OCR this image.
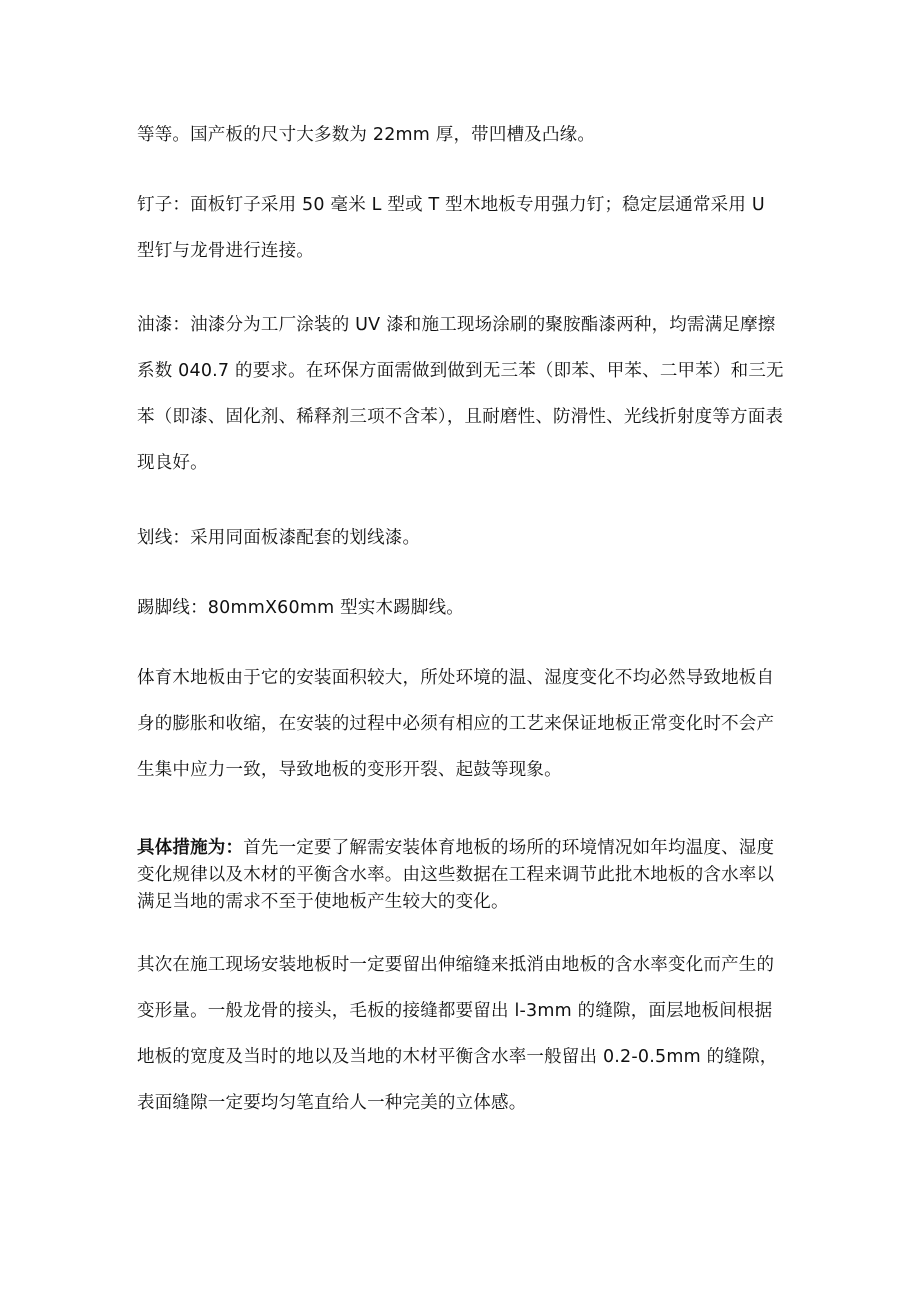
等等。国产板的尺寸大多数为 22mm 厚，带凹槽及凸缘。

钉子：面板钉子采用 50 毫米 L 型或 T 型木地板专用强力钉；稳定层通常采用 U 型钉与龙骨进行连接。

油漆：油漆分为工厂涂装的 UV 漆和施工现场涂刷的聚胺酯漆两种，均需满足摩擦系数 040.7 的要求。在环保方面需做到做到无三苯（即苯、甲苯、二甲苯）和三无苯（即漆、固化剂、稀释剂三项不含苯），且耐磨性、防滑性、光线折射度等方面表现良好。

划线：采用同面板漆配套的划线漆。

踢脚线：80mmX60mm 型实木踢脚线。

体育木地板由于它的安装面积较大，所处环境的温、湿度变化不均必然导致地板自身的膨胀和收缩，在安装的过程中必须有相应的工艺来保证地板正常变化时不会产生集中应力一致，导致地板的变形开裂、起鼓等现象。

具体措施为：首先一定要了解需安装体育地板的场所的环境情况如年均温度、湿度变化规律以及木材的平衡含水率。由这些数据在工程来调节此批木地板的含水率以满足当地的需求不至于使地板产生较大的变化。

其次在施工现场安装地板时一定要留出伸缩缝来抵消由地板的含水率变化而产生的变形量。一般龙骨的接头，毛板的接缝都要留出 l-3mm 的缝隙，面层地板间根据地板的宽度及当时的地以及当地的木材平衡含水率一般留出 0.2-0.5mm 的缝隙，表面缝隙一定要均匀笔直给人一种完美的立体感。
